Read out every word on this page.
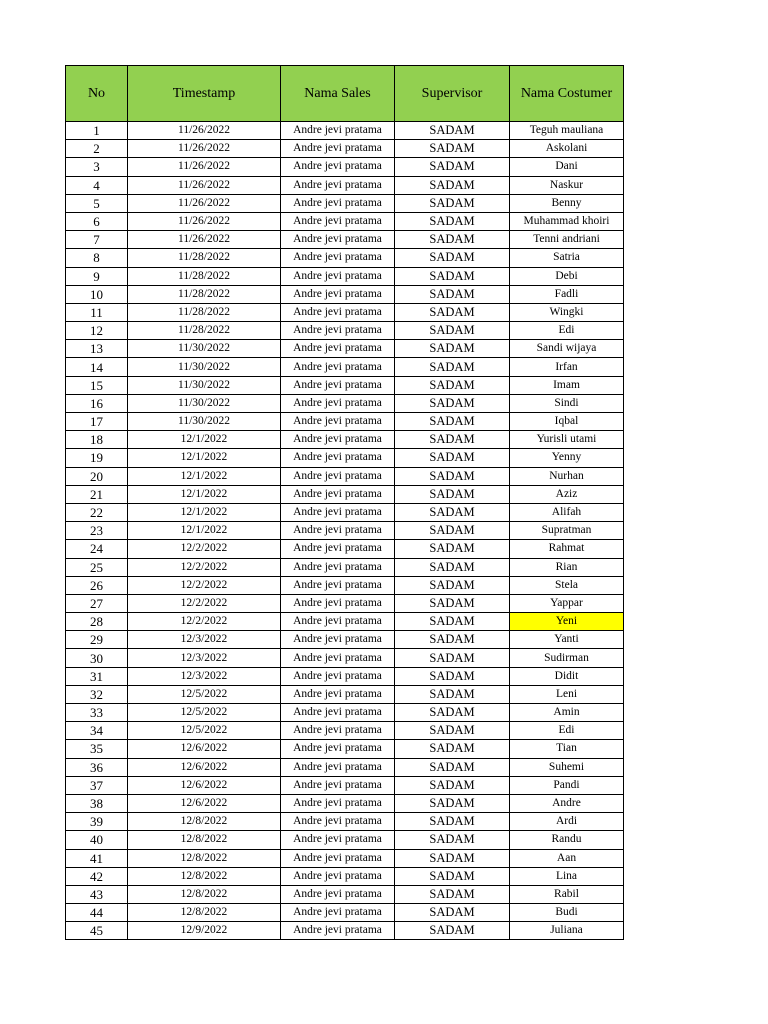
No	Timestamp	Nama Sales	Supervisor	Nama Costumer
1	11/26/2022	Andre jevi pratama	SADAM	Teguh mauliana
2	11/26/2022	Andre jevi pratama	SADAM	Askolani
3	11/26/2022	Andre jevi pratama	SADAM	Dani
4	11/26/2022	Andre jevi pratama	SADAM	Naskur
5	11/26/2022	Andre jevi pratama	SADAM	Benny
6	11/26/2022	Andre jevi pratama	SADAM	Muhammad khoiri
7	11/26/2022	Andre jevi pratama	SADAM	Tenni andriani
8	11/28/2022	Andre jevi pratama	SADAM	Satria
9	11/28/2022	Andre jevi pratama	SADAM	Debi
10	11/28/2022	Andre jevi pratama	SADAM	Fadli
11	11/28/2022	Andre jevi pratama	SADAM	Wingki
12	11/28/2022	Andre jevi pratama	SADAM	Edi
13	11/30/2022	Andre jevi pratama	SADAM	Sandi wijaya
14	11/30/2022	Andre jevi pratama	SADAM	Irfan
15	11/30/2022	Andre jevi pratama	SADAM	Imam
16	11/30/2022	Andre jevi pratama	SADAM	Sindi
17	11/30/2022	Andre jevi pratama	SADAM	Iqbal
18	12/1/2022	Andre jevi pratama	SADAM	Yurisli utami
19	12/1/2022	Andre jevi pratama	SADAM	Yenny
20	12/1/2022	Andre jevi pratama	SADAM	Nurhan
21	12/1/2022	Andre jevi pratama	SADAM	Aziz
22	12/1/2022	Andre jevi pratama	SADAM	Alifah
23	12/1/2022	Andre jevi pratama	SADAM	Supratman
24	12/2/2022	Andre jevi pratama	SADAM	Rahmat
25	12/2/2022	Andre jevi pratama	SADAM	Rian
26	12/2/2022	Andre jevi pratama	SADAM	Stela
27	12/2/2022	Andre jevi pratama	SADAM	Yappar
28	12/2/2022	Andre jevi pratama	SADAM	Yeni
29	12/3/2022	Andre jevi pratama	SADAM	Yanti
30	12/3/2022	Andre jevi pratama	SADAM	Sudirman
31	12/3/2022	Andre jevi pratama	SADAM	Didit
32	12/5/2022	Andre jevi pratama	SADAM	Leni
33	12/5/2022	Andre jevi pratama	SADAM	Amin
34	12/5/2022	Andre jevi pratama	SADAM	Edi
35	12/6/2022	Andre jevi pratama	SADAM	Tian
36	12/6/2022	Andre jevi pratama	SADAM	Suhemi
37	12/6/2022	Andre jevi pratama	SADAM	Pandi
38	12/6/2022	Andre jevi pratama	SADAM	Andre
39	12/8/2022	Andre jevi pratama	SADAM	Ardi
40	12/8/2022	Andre jevi pratama	SADAM	Randu
41	12/8/2022	Andre jevi pratama	SADAM	Aan
42	12/8/2022	Andre jevi pratama	SADAM	Lina
43	12/8/2022	Andre jevi pratama	SADAM	Rabil
44	12/8/2022	Andre jevi pratama	SADAM	Budi
45	12/9/2022	Andre jevi pratama	SADAM	Juliana
